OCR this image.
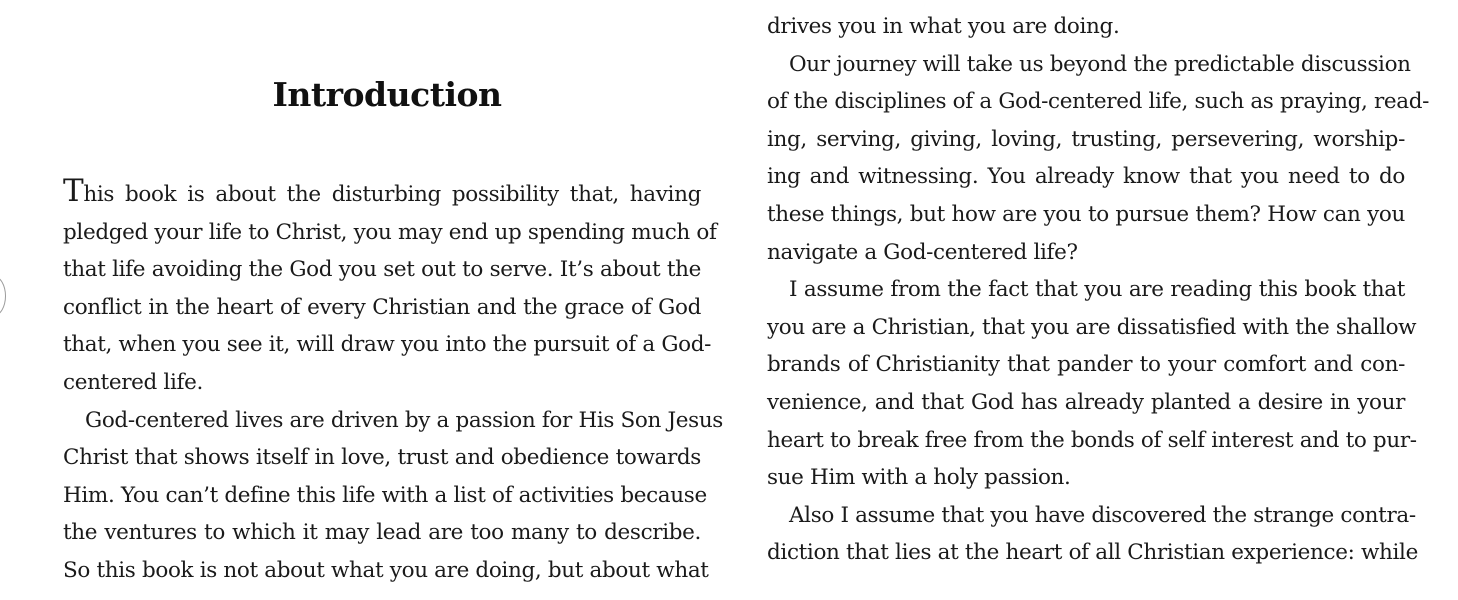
Introduction
This book is about the disturbing possibility that, having
pledged your life to Christ, you may end up spending much of
that life avoiding the God you set out to serve. It’s about the
conflict in the heart of every Christian and the grace of God
that, when you see it, will draw you into the pursuit of a God-
centered life.
God-centered lives are driven by a passion for His Son Jesus
Christ that shows itself in love, trust and obedience towards
Him. You can’t define this life with a list of activities because
the ventures to which it may lead are too many to describe.
So this book is not about what you are doing, but about what
drives you in what you are doing.
Our journey will take us beyond the predictable discussion
of the disciplines of a God-centered life, such as praying, read-
ing, serving, giving, loving, trusting, persevering, worship-
ing and witnessing. You already know that you need to do
these things, but how are you to pursue them? How can you
navigate a God-centered life?
I assume from the fact that you are reading this book that
you are a Christian, that you are dissatisfied with the shallow
brands of Christianity that pander to your comfort and con-
venience, and that God has already planted a desire in your
heart to break free from the bonds of self interest and to pur-
sue Him with a holy passion.
Also I assume that you have discovered the strange contra-
diction that lies at the heart of all Christian experience: while
